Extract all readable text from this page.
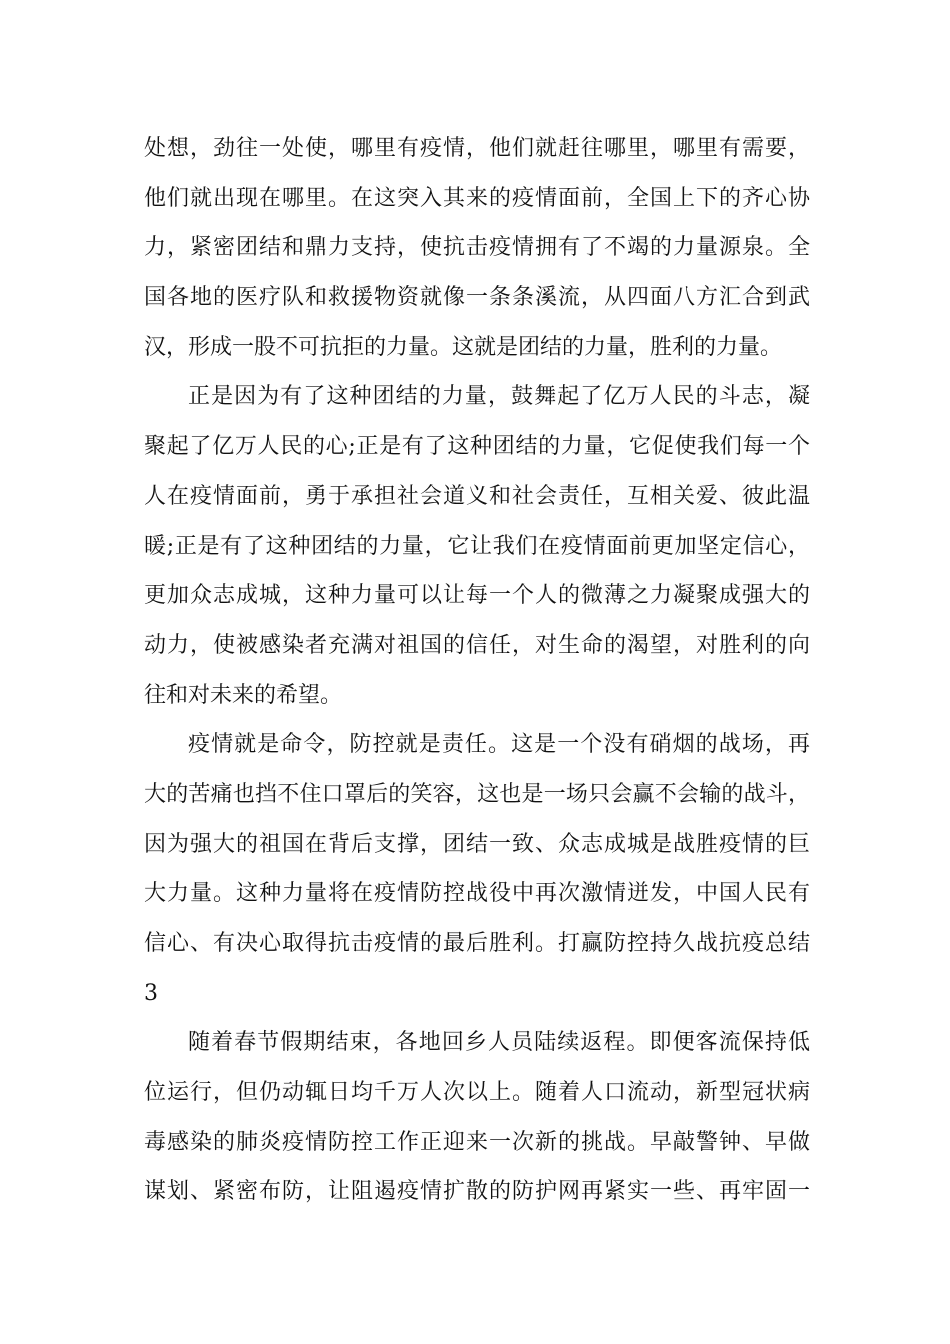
处想，劲往一处使，哪里有疫情，他们就赶往哪里，哪里有需要，
他们就出现在哪里。在这突入其来的疫情面前，全国上下的齐心协
力，紧密团结和鼎力支持，使抗击疫情拥有了不竭的力量源泉。全
国各地的医疗队和救援物资就像一条条溪流，从四面八方汇合到武
汉，形成一股不可抗拒的力量。这就是团结的力量，胜利的力量。
正是因为有了这种团结的力量，鼓舞起了亿万人民的斗志，凝
聚起了亿万人民的心;正是有了这种团结的力量，它促使我们每一个
人在疫情面前，勇于承担社会道义和社会责任，互相关爱、彼此温
暖;正是有了这种团结的力量，它让我们在疫情面前更加坚定信心，
更加众志成城，这种力量可以让每一个人的微薄之力凝聚成强大的
动力，使被感染者充满对祖国的信任，对生命的渴望，对胜利的向
往和对未来的希望。
疫情就是命令，防控就是责任。这是一个没有硝烟的战场，再
大的苦痛也挡不住口罩后的笑容，这也是一场只会赢不会输的战斗，
因为强大的祖国在背后支撑，团结一致、众志成城是战胜疫情的巨
大力量。这种力量将在疫情防控战役中再次激情迸发，中国人民有
信心、有决心取得抗击疫情的最后胜利。打赢防控持久战抗疫总结
3
随着春节假期结束，各地回乡人员陆续返程。即便客流保持低
位运行，但仍动辄日均千万人次以上。随着人口流动，新型冠状病
毒感染的肺炎疫情防控工作正迎来一次新的挑战。早敲警钟、早做
谋划、紧密布防，让阻遏疫情扩散的防护网再紧实一些、再牢固一
